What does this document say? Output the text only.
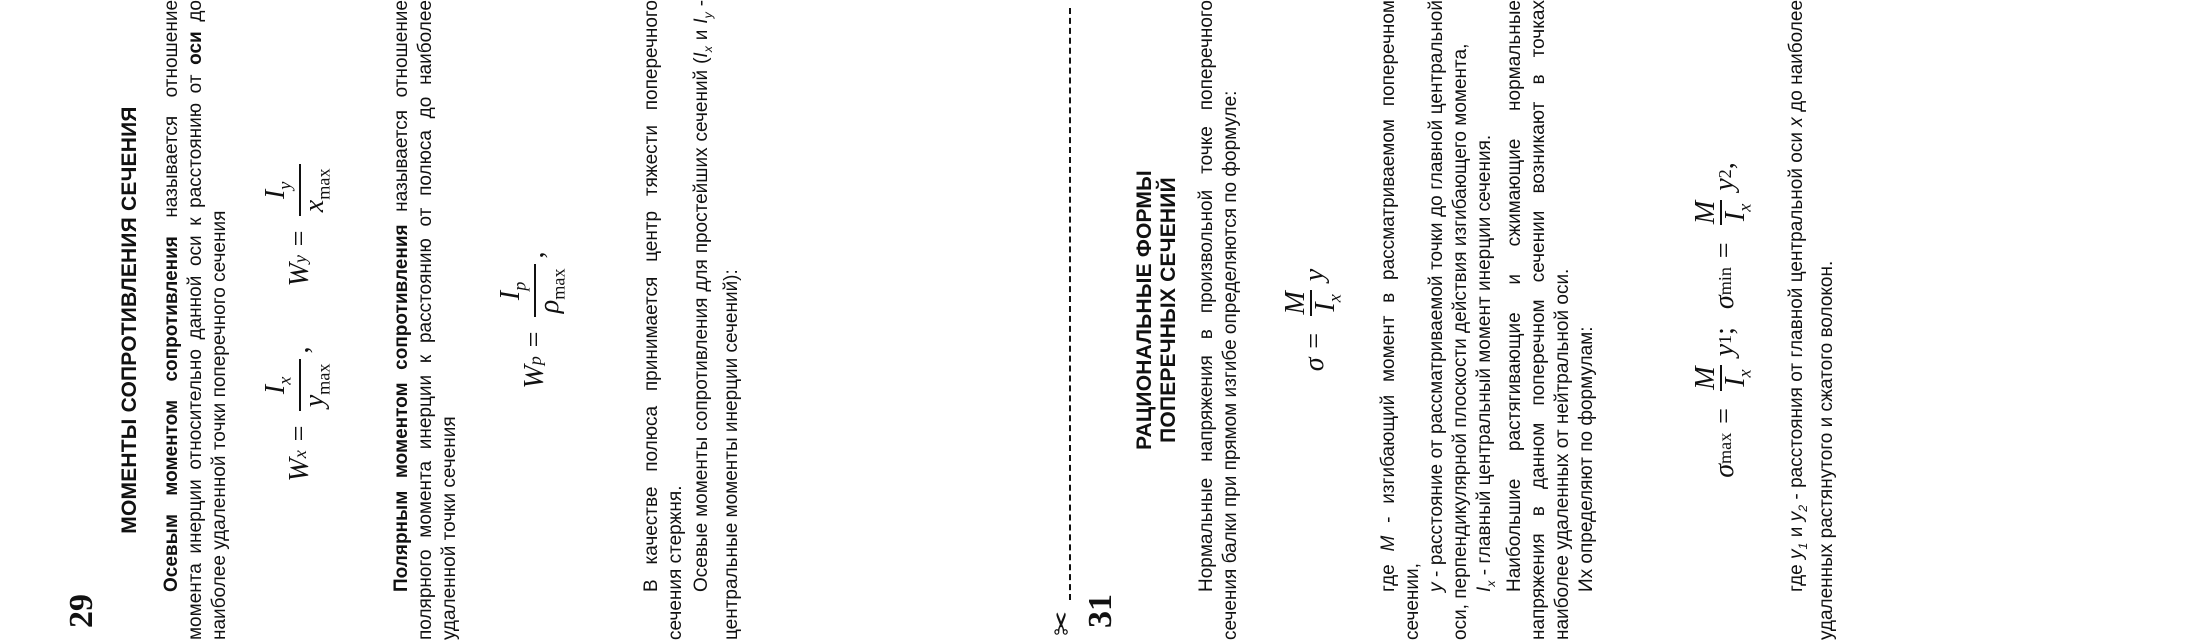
29

МОМЕНТЫ СОПРОТИВЛЕНИЯ СЕЧЕНИЯ Осевым моментом сопротивления называется отношение момента инерции относительно данной оси к расстоянию от оси до наиболее удаленной точки поперечного сечения W
x
=
$I_x$
$y_{max}$
,
W
y
=
$I_y$
$x_{max}$

Полярным моментом сопротивления называется отношение полярного момента инерции к расстоянию от полюса до наиболее удаленной точки сечения

W
p
=
$I_p$
$\rho_{max}$
,	В качестве полюса принимается центр тяжести поперечного сечения стержня. Осевые моменты сопротивления для простейших сечений ($I_x$ и $I_y$ - центральные моменты инерции сечений):	✂ 31

РАЦИОНАЛЬНЫЕ ФОРМЫ ПОПЕРЕЧНЫХ СЕЧЕНИЙ Нормальные напряжения в произвольной точке поперечного сечения балки при прямом изгибе определяются по формуле: σ
=
M $I_x$
y

где M - изгибающий момент в рассматриваемом поперечном сечении, y - расстояние от рассматриваемой точки до главной центральной оси, перпендикулярной плоскости действия изгибающего момента, $I_x$ - главный центральный момент инерции сечения. Наибольшие растягивающие и сжимающие нормальные напряжения в данном поперечном сечении возникают в точках наиболее удаленных от нейтральной оси. Их определяют по формулам:	σ
max
=
M $I_x$
y
1
;
σ
min
=
M $I_x$
y
2
,

где $y_1$ и $y_2$ - расстояния от главной центральной оси x до наиболее удаленных растянутого и сжатого волокон.
